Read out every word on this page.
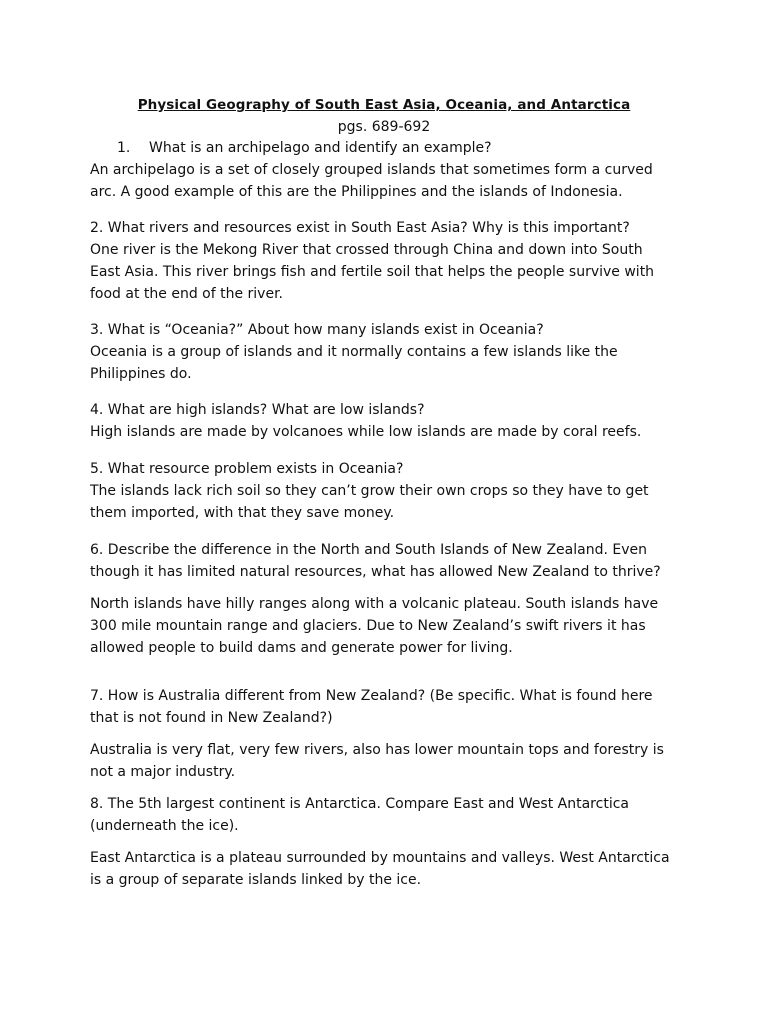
Physical Geography of South East Asia, Oceania, and Antarctica
pgs. 689-692
1. What is an archipelago and identify an example?
An archipelago is a set of closely grouped islands that sometimes form a curved
arc. A good example of this are the Philippines and the islands of Indonesia.
2. What rivers and resources exist in South East Asia? Why is this important?
One river is the Mekong River that crossed through China and down into South
East Asia. This river brings fish and fertile soil that helps the people survive with
food at the end of the river.
3. What is “Oceania?” About how many islands exist in Oceania?
Oceania is a group of islands and it normally contains a few islands like the
Philippines do.
4. What are high islands? What are low islands?
High islands are made by volcanoes while low islands are made by coral reefs.
5. What resource problem exists in Oceania?
The islands lack rich soil so they can’t grow their own crops so they have to get
them imported, with that they save money.
6. Describe the difference in the North and South Islands of New Zealand. Even
though it has limited natural resources, what has allowed New Zealand to thrive?
North islands have hilly ranges along with a volcanic plateau. South islands have
300 mile mountain range and glaciers. Due to New Zealand’s swift rivers it has
allowed people to build dams and generate power for living.
7. How is Australia different from New Zealand? (Be specific. What is found here
that is not found in New Zealand?)
Australia is very flat, very few rivers, also has lower mountain tops and forestry is
not a major industry.
8. The 5th largest continent is Antarctica. Compare East and West Antarctica
(underneath the ice).
East Antarctica is a plateau surrounded by mountains and valleys. West Antarctica
is a group of separate islands linked by the ice.
